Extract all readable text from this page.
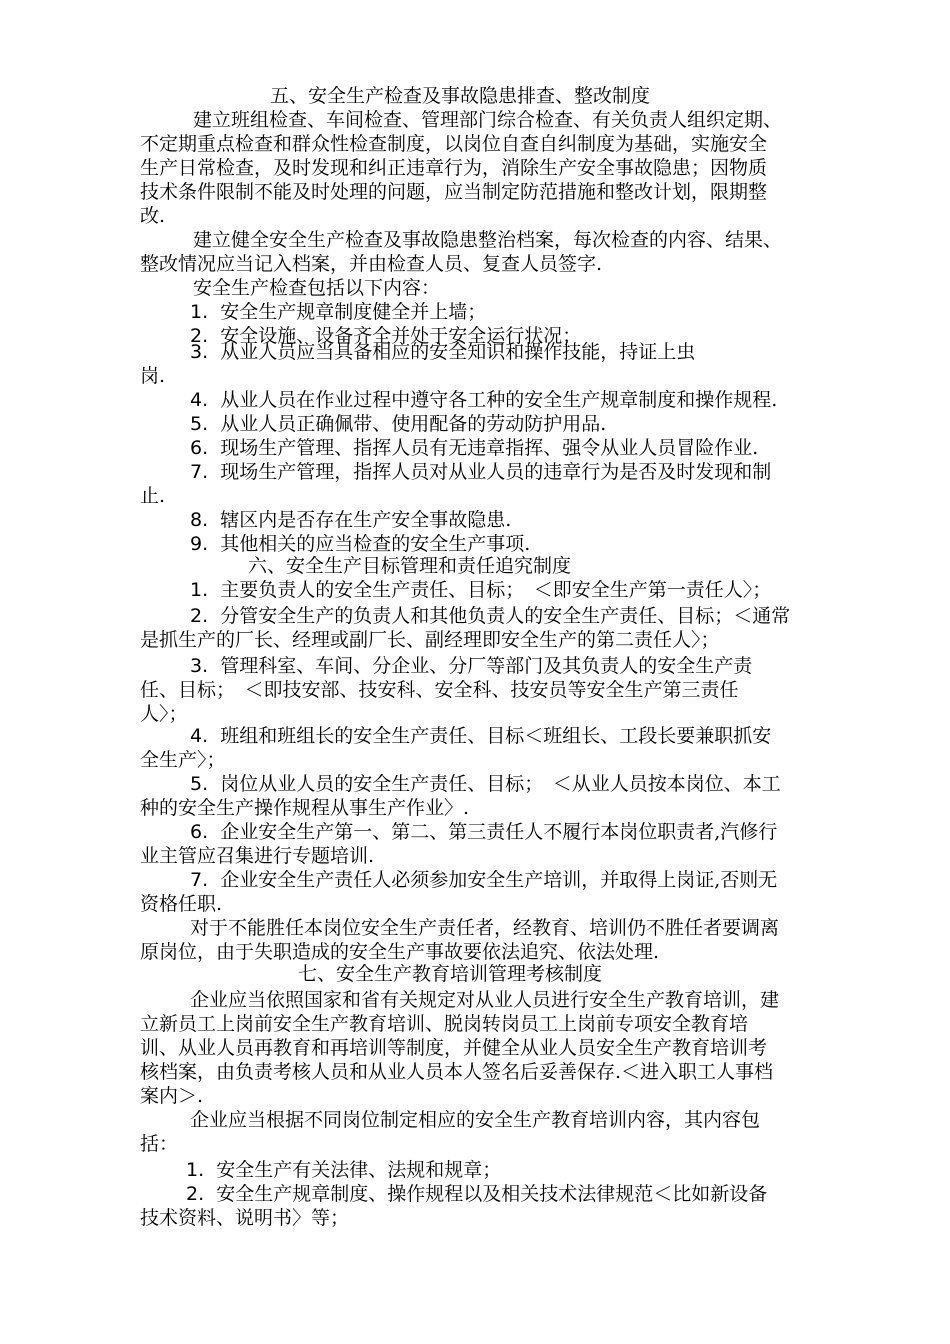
五、安全生产检查及事故隐患排查、整改制度
建立班组检查、车间检查、管理部门综合检查、有关负责人组织定期、
不定期重点检查和群众性检查制度，以岗位自查自纠制度为基础，实施安全
生产日常检查，及时发现和纠正违章行为，消除生产安全事故隐患；因物质
技术条件限制不能及时处理的问题，应当制定防范措施和整改计划，限期整
改.
建立健全安全生产检查及事故隐患整治档案，每次检查的内容、结果、
整改情况应当记入档案，并由检查人员、复查人员签字.
安全生产检查包括以下内容：
1. 安全生产规章制度健全并上墙；
2. 安全设施、设备齐全并处于安全运行状况；
3. 从业人员应当具备相应的安全知识和操作技能，持证上虫
岗.
4. 从业人员在作业过程中遵守各工种的安全生产规章制度和操作规程.
5. 从业人员正确佩带、使用配备的劳动防护用品.
6. 现场生产管理、指挥人员有无违章指挥、强令从业人员冒险作业.
7. 现场生产管理，指挥人员对从业人员的违章行为是否及时发现和制
止.
8. 辖区内是否存在生产安全事故隐患.
9. 其他相关的应当检查的安全生产事项.
六、安全生产目标管理和责任追究制度
1. 主要负责人的安全生产责任、目标；　＜即安全生产第一责任人〉；
2. 分管安全生产的负责人和其他负责人的安全生产责任、目标；＜通常
是抓生产的厂长、经理或副厂长、副经理即安全生产的第二责任人〉；
3. 管理科室、车间、分企业、分厂等部门及其负责人的安全生产责
任、目标；　＜即技安部、技安科、安全科、技安员等安全生产第三责任
人〉；
4. 班组和班组长的安全生产责任、目标＜班组长、工段长要兼职抓安
全生产〉；
5. 岗位从业人员的安全生产责任、目标；　＜从业人员按本岗位、本工
种的安全生产操作规程从事生产作业〉.
6. 企业安全生产第一、第二、第三责任人不履行本岗位职责者,汽修行
业主管应召集进行专题培训.
7. 企业安全生产责任人必须参加安全生产培训，并取得上岗证,否则无
资格任职.
对于不能胜任本岗位安全生产责任者，经教育、培训仍不胜任者要调离
原岗位，由于失职造成的安全生产事故要依法追究、依法处理.
七、安全生产教育培训管理考核制度
企业应当依照国家和省有关规定对从业人员进行安全生产教育培训，建
立新员工上岗前安全生产教育培训、脱岗转岗员工上岗前专项安全教育培
训、从业人员再教育和再培训等制度，并健全从业人员安全生产教育培训考
核档案，由负责考核人员和从业人员本人签名后妥善保存.＜进入职工人事档
案内＞.
企业应当根据不同岗位制定相应的安全生产教育培训内容，其内容包
括：
1. 安全生产有关法律、法规和规章；
2. 安全生产规章制度、操作规程以及相关技术法律规范＜比如新设备
技术资料、说明书〉等；
